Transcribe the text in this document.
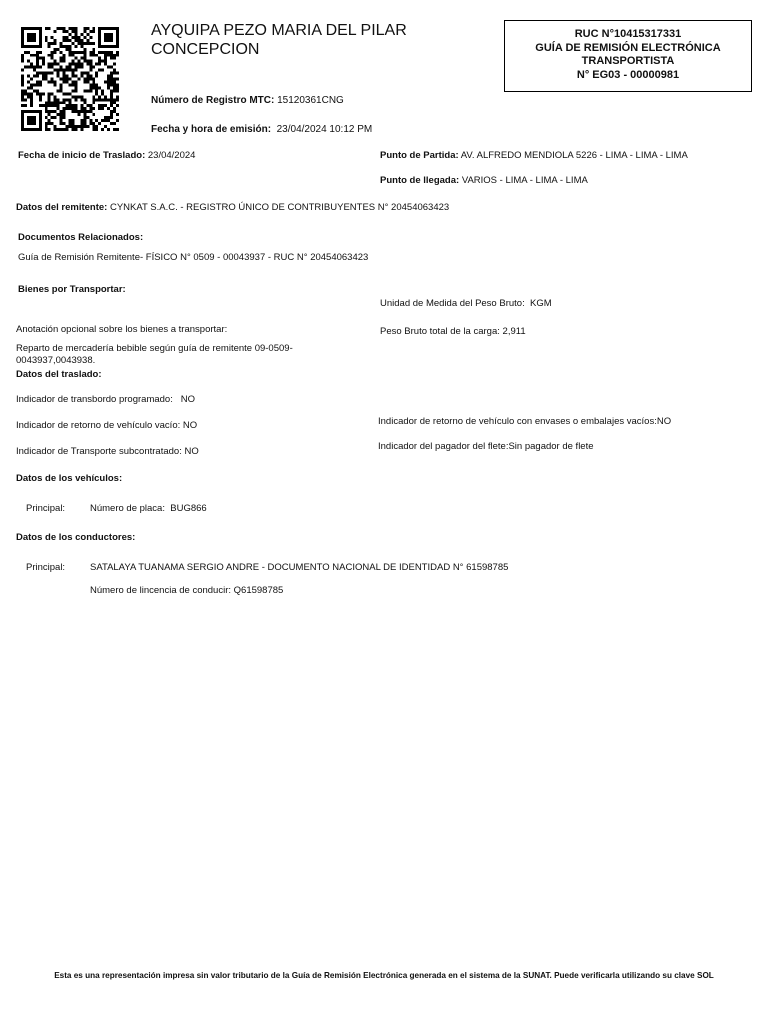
AYQUIPA PEZO MARIA DEL PILAR
CONCEPCION
RUC N°10415317331
GUÍA DE REMISIÓN ELECTRÓNICA
TRANSPORTISTA
N° EG03 - 00000981
Número de Registro MTC: 15120361CNG
Fecha y hora de emisión: 23/04/2024 10:12 PM
Fecha de inicio de Traslado: 23/04/2024	Punto de Partida: AV. ALFREDO MENDIOLA 5226 - LIMA - LIMA - LIMA
Punto de llegada: VARIOS - LIMA - LIMA - LIMA
Datos del remitente: CYNKAT S.A.C. - REGISTRO ÚNICO DE CONTRIBUYENTES N° 20454063423
Documentos Relacionados:
Guía de Remisión Remitente- FÍSICO N° 0509 - 00043937 - RUC N° 20454063423
Bienes por Transportar:
Unidad de Medida del Peso Bruto: KGM
Anotación opcional sobre los bienes a transportar:	Peso Bruto total de la carga: 2,911
Reparto de mercadería bebible según guía de remitente 09-0509-0043937,0043938.
Datos del traslado:
Indicador de transbordo programado: NO
Indicador de retorno de vehículo con envases o embalajes vacíos:NO
Indicador de retorno de vehículo vacío: NO
Indicador del pagador del flete:Sin pagador de flete
Indicador de Transporte subcontratado: NO
Datos de los vehículos:
Principal:	Número de placa: BUG866
Datos de los conductores:
Principal:	SATALAYA TUANAMA SERGIO ANDRE - DOCUMENTO NACIONAL DE IDENTIDAD N° 61598785
Número de lincencia de conducir: Q61598785
Esta es una representación impresa sin valor tributario de la Guía de Remisión Electrónica generada en el sistema de la SUNAT. Puede verificarla utilizando su clave SOL
